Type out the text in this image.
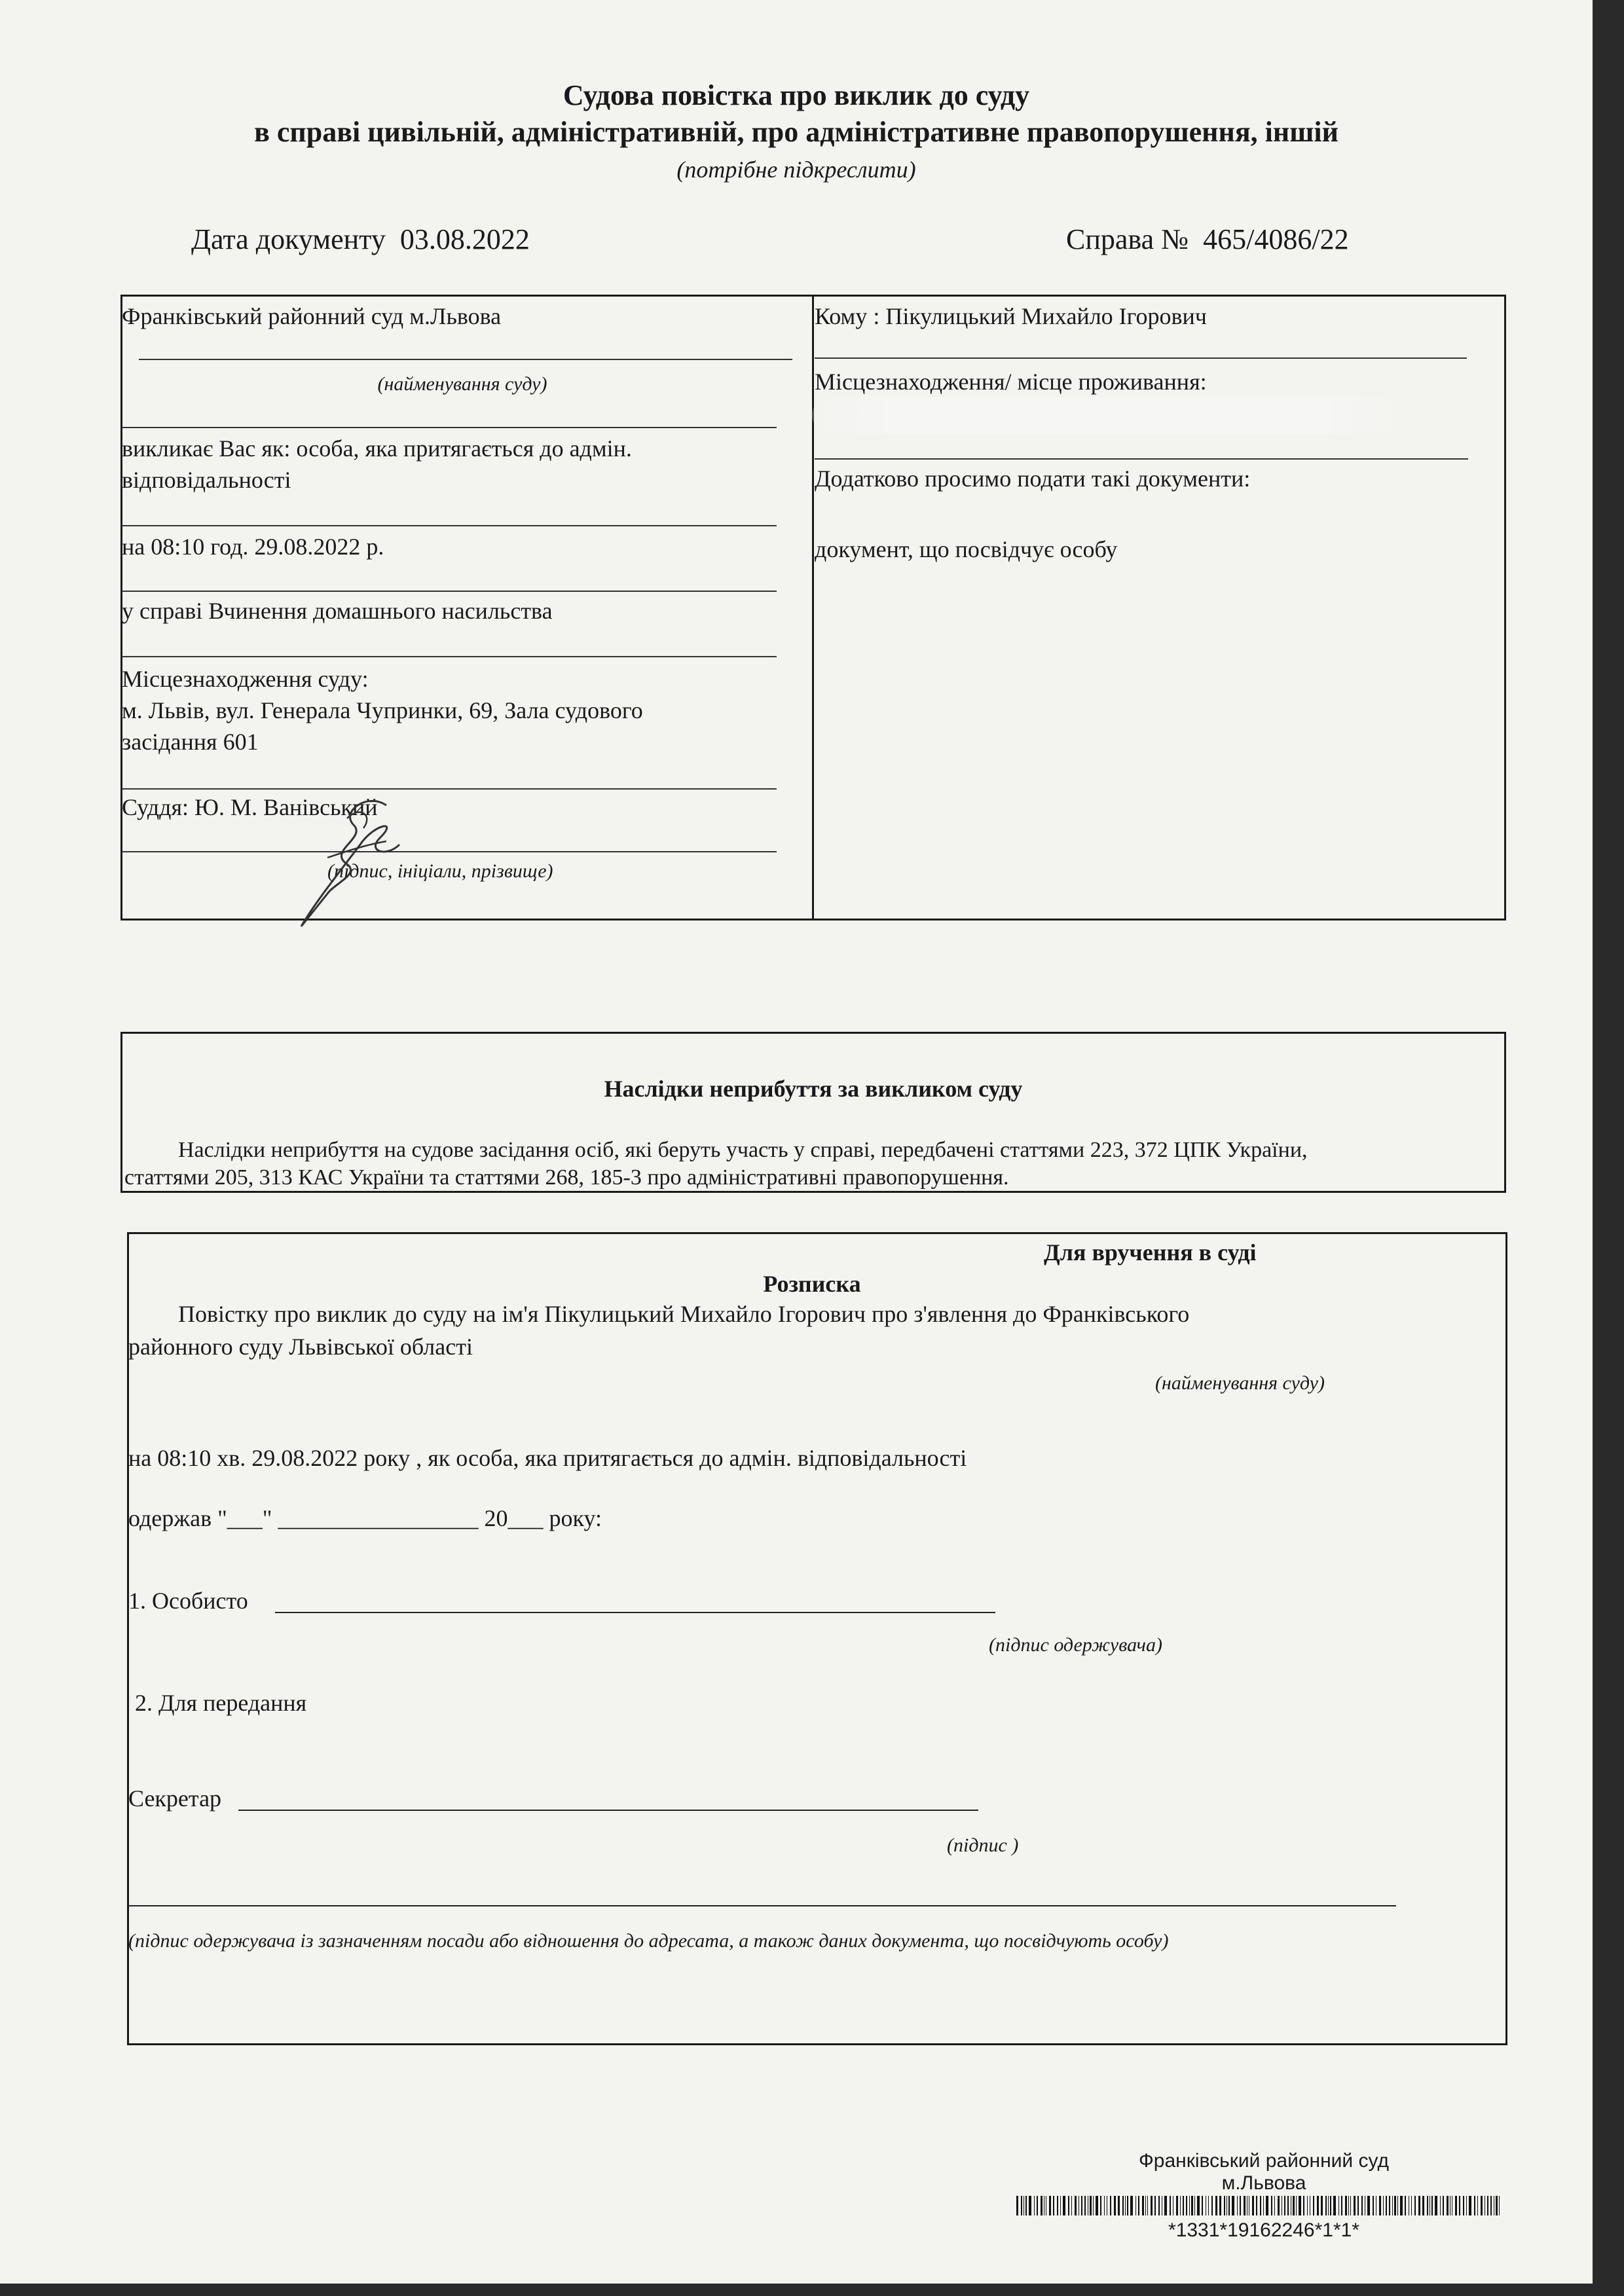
Судова повістка про виклик до суду
в справі цивільній, адміністративній, про адміністративне правопорушення, іншій
(потрібне підкреслити)
Дата документу 03.08.2022	Справа № 465/4086/22
Франківський районний суд м.Львова
(найменування суду)
викликає Вас як: особа, яка притягається до адмін.
відповідальності
на 08:10 год. 29.08.2022 р.
у справі Вчинення домашнього насильства
Місцезнаходження суду:
м. Львів, вул. Генерала Чупринки, 69, Зала судового
засідання 601
Суддя: Ю. М. Ванівський
(підпис, ініціали, прізвище)
Кому : Пікулицький Михайло Ігорович
Місцезнаходження/ місце проживання:
Додатково просимо подати такі документи:
документ, що посвідчує особу
Наслідки неприбуття за викликом суду
Наслідки неприбуття на судове засідання осіб, які беруть участь у справі, передбачені статтями 223, 372 ЦПК України,
статтями 205, 313 КАС України та статтями 268, 185-3 про адміністративні правопорушення.
Для вручення в суді
Розписка
Повістку про виклик до суду на ім'я Пікулицький Михайло Ігорович про з'явлення до Франківського
районного суду Львівської області
(найменування суду)
на 08:10 хв. 29.08.2022 року , як особа, яка притягається до адмін. відповідальності
одержав "___" _________________ 20___ року:
1. Особисто
(підпис одержувача)
2. Для передання
Секретар
(підпис )
(підпис одержувача із зазначенням посади або відношення до адресата, а також даних документа, що посвідчують особу)
Франківський районний суд
м.Львова
*1331*19162246*1*1*
